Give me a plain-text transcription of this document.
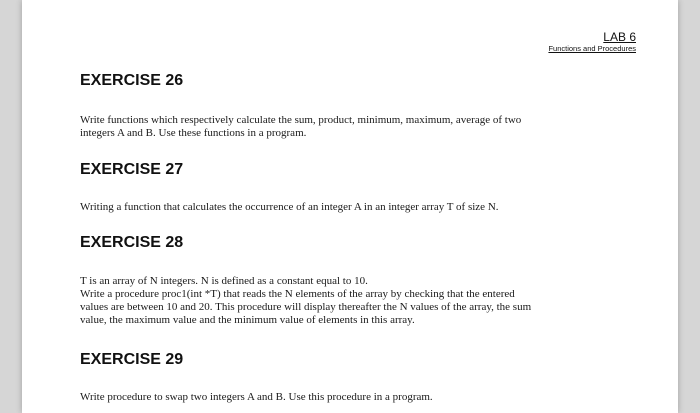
LAB 6
Functions and Procedures
EXERCISE 26

Write functions which respectively calculate the sum, product, minimum, maximum, average of two

integers A and B. Use these functions in a program.

EXERCISE 27

Writing a function that calculates the occurrence of an integer A in an integer array T of size N.

EXERCISE 28

T is an array of N integers. N is defined as a constant equal to 10.

Write a procedure proc1(int *T) that reads the N elements of the array by checking that the entered

values are between 10 and 20. This procedure will display thereafter the N values of the array, the sum

value, the maximum value and the minimum value of elements in this array.

EXERCISE 29

Write procedure to swap two integers A and B. Use this procedure in a program.
